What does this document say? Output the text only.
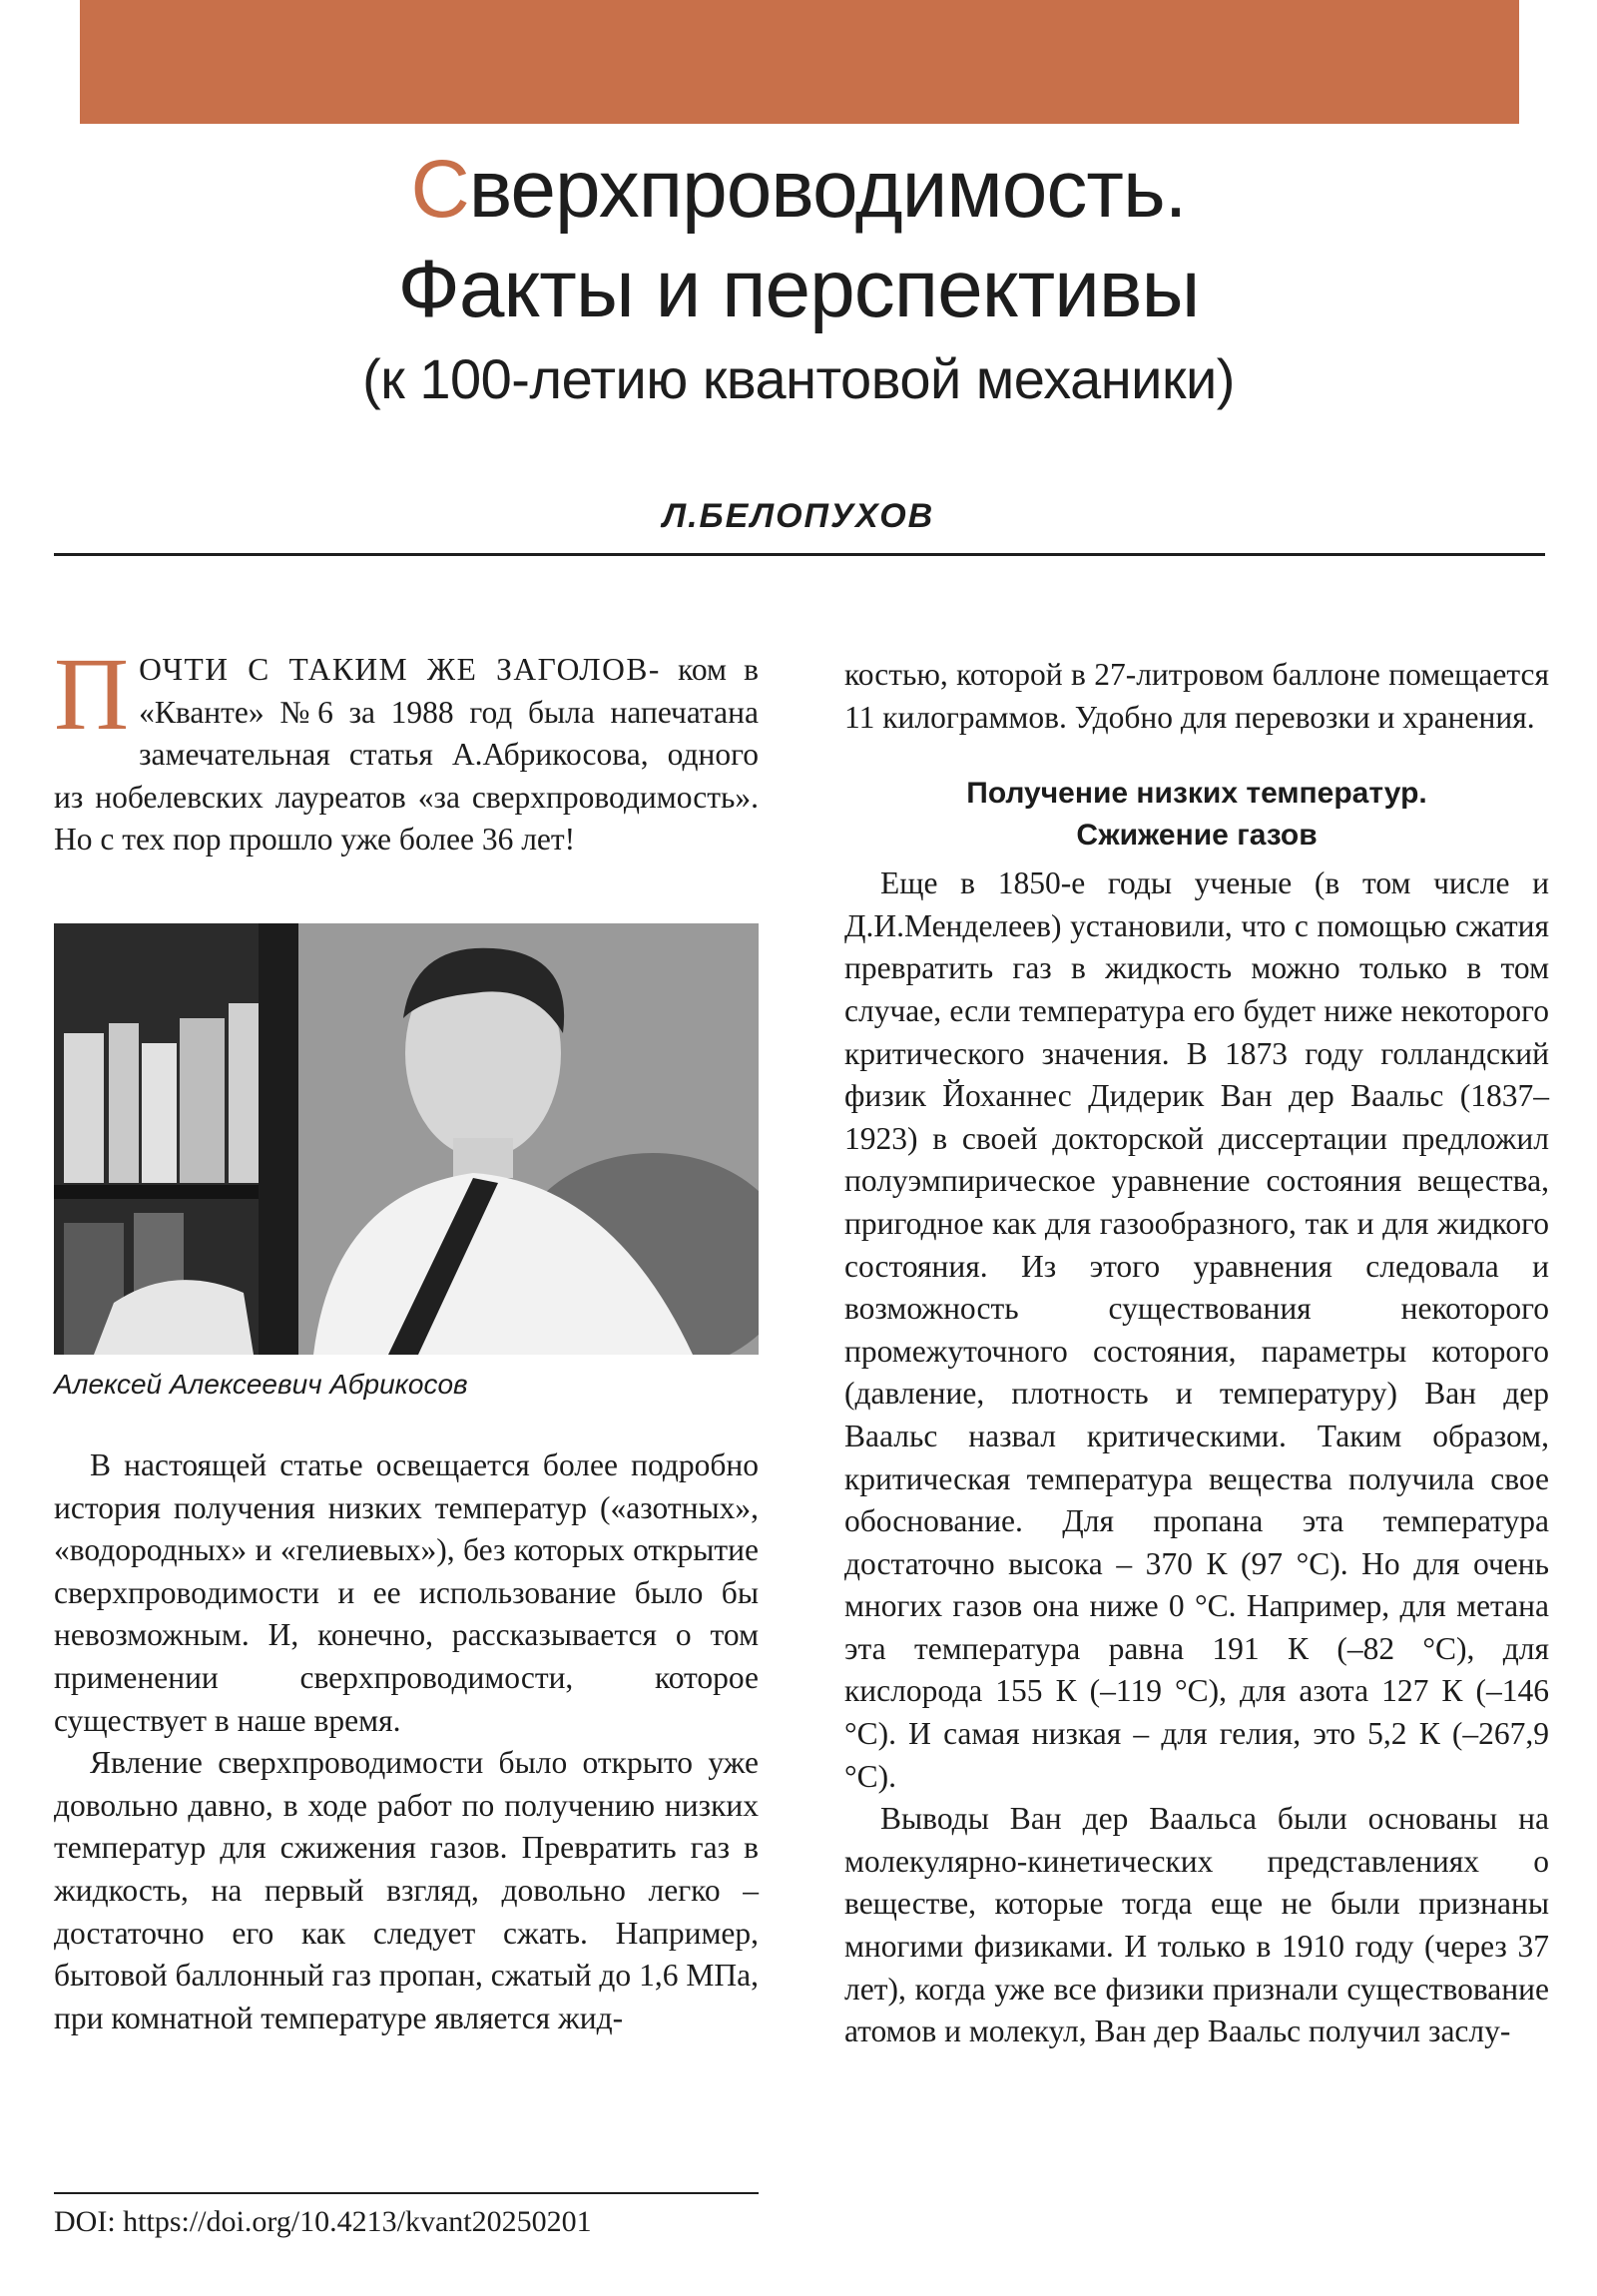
Сверхпроводимость.
Факты и перспективы
(к 100-летию квантовой механики)
Л.БЕЛОПУХОВ

ПОЧТИ С ТАКИМ ЖЕ ЗАГОЛОВ- ком в «Кванте» №6 за 1988 год была напечатана замечательная статья А.Абрикосова, одного из нобелевских лауреатов «за сверхпроводимость». Но с тех пор прошло уже более 36 лет!

Алексей Алексеевич Абрикосов

В настоящей статье освещается более подробно история получения низких температур («азотных», «водородных» и «гелиевых»), без которых открытие сверхпроводимости и ее использование было бы невозможным. И, конечно, рассказывается о том применении сверхпроводимости, которое существует в наше время.

Явление сверхпроводимости было открыто уже довольно давно, в ходе работ по получению низких температур для сжижения газов. Превратить газ в жидкость, на первый взгляд, довольно легко – достаточно его как следует сжать. Например, бытовой баллонный газ пропан, сжатый до 1,6 МПа, при комнатной температуре является жид-

DOI: https://doi.org/10.4213/kvant20250201

костью, которой в 27-литровом баллоне помещается 11 килограммов. Удобно для перевозки и хранения.

Получение низких температур.
Сжижение газов

Еще в 1850-е годы ученые (в том числе и Д.И.Менделеев) установили, что с помощью сжатия превратить газ в жидкость можно только в том случае, если температура его будет ниже некоторого критического значения. В 1873 году голландский физик Йоханнес Дидерик Ван дер Ваальс (1837–1923) в своей докторской диссертации предложил полуэмпирическое уравнение состояния вещества, пригодное как для газообразного, так и для жидкого состояния. Из этого уравнения следовала и возможность существования некоторого промежуточного состояния, параметры которого (давление, плотность и температуру) Ван дер Ваальс назвал критическими. Таким образом, критическая температура вещества получила свое обоснование. Для пропана эта температура достаточно высока – 370 К (97 °С). Но для очень многих газов она ниже 0 °С. Например, для метана эта температура равна 191 К (–82 °С), для кислорода 155 К (–119 °С), для азота 127 К (–146 °С). И самая низкая – для гелия, это 5,2 К (–267,9 °С).

Выводы Ван дер Ваальса были основаны на молекулярно-кинетических представлениях о веществе, которые тогда еще не были признаны многими физиками. И только в 1910 году (через 37 лет), когда уже все физики признали существование атомов и молекул, Ван дер Ваальс получил заслу-
